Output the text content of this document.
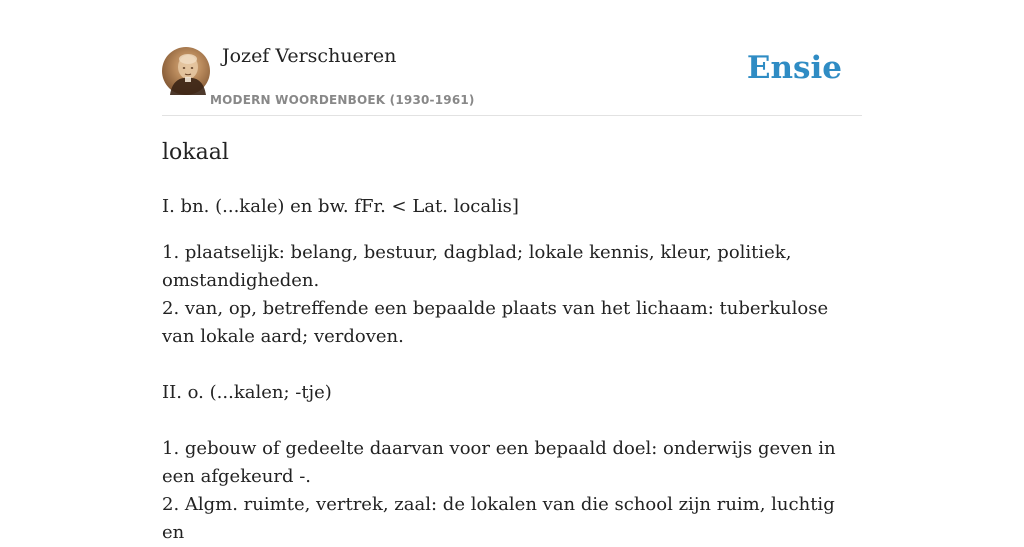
Jozef Verschueren
MODERN WOORDENBOEK (1930-1961)
Ensie
lokaal

I. bn. (...kale) en bw. fFr. < Lat. localis]

1. plaatselijk: belang, bestuur, dagblad; lokale kennis, kleur, politiek, omstandigheden.

2. van, op, betreffende een bepaalde plaats van het lichaam: tuberkulose van lokale aard; verdoven.

II. o. (...kalen; -tje)

1. gebouw of gedeelte daarvan voor een bepaald doel: onderwijs geven in een afgekeurd -.

2. Algm. ruimte, vertrek, zaal: de lokalen van die school zijn ruim, luchtig en
